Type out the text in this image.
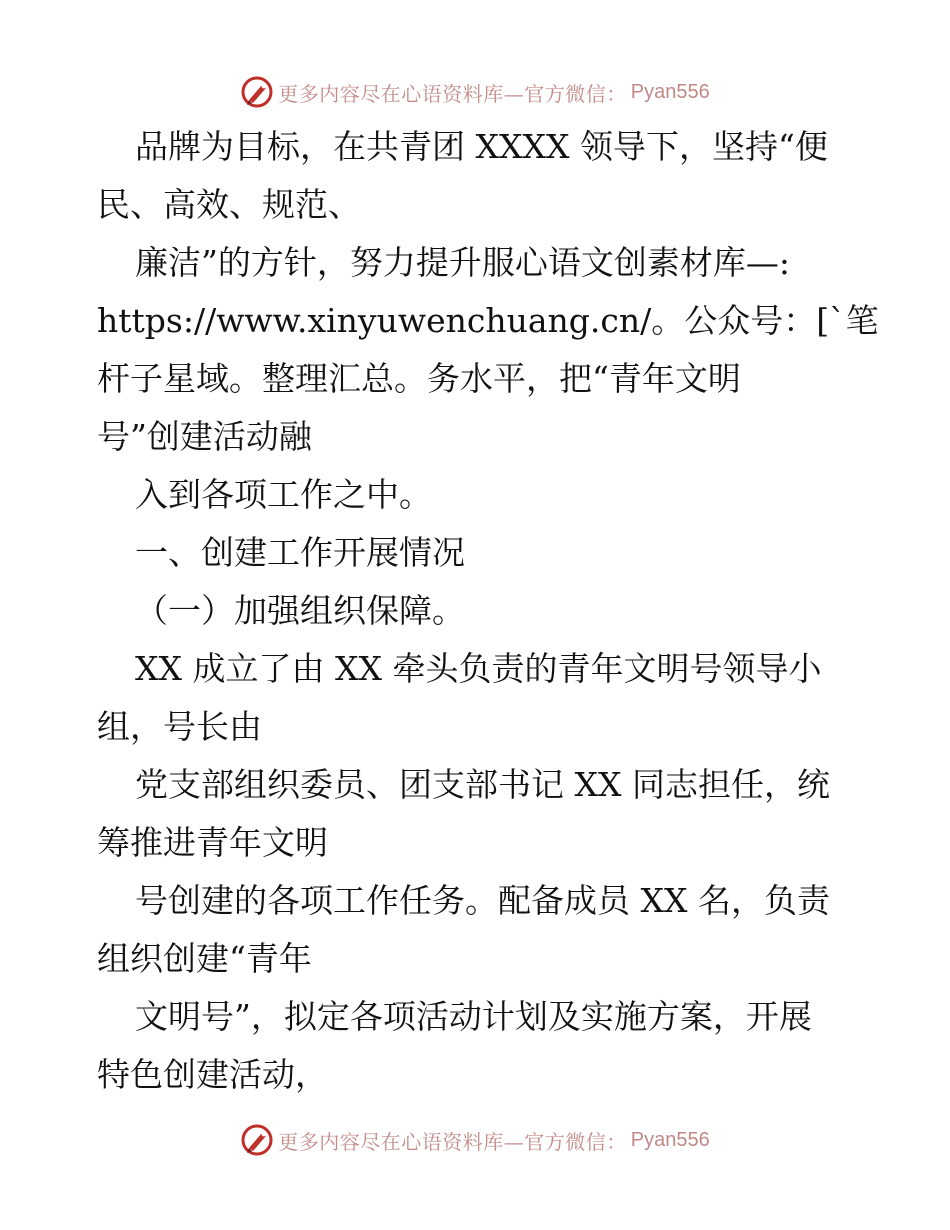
更多内容尽在心语资料库—官方微信： Pyan556
品牌为目标，在共青团 XXXX 领导下，坚持“便
民、高效、规范、
廉洁”的方针，努力提升服心语文创素材库—:
https://www.xinyuwenchuang.cn/。公众号：[`笔
杆子星域。整理汇总。务水平，把“青年文明
号”创建活动融
入到各项工作之中。
一、创建工作开展情况
（一）加强组织保障。
XX 成立了由 XX 牵头负责的青年文明号领导小
组，号长由
党支部组织委员、团支部书记 XX 同志担任，统
筹推进青年文明
号创建的各项工作任务。配备成员 XX 名，负责
组织创建“青年
文明号”，拟定各项活动计划及实施方案，开展
特色创建活动，
更多内容尽在心语资料库—官方微信： Pyan556
